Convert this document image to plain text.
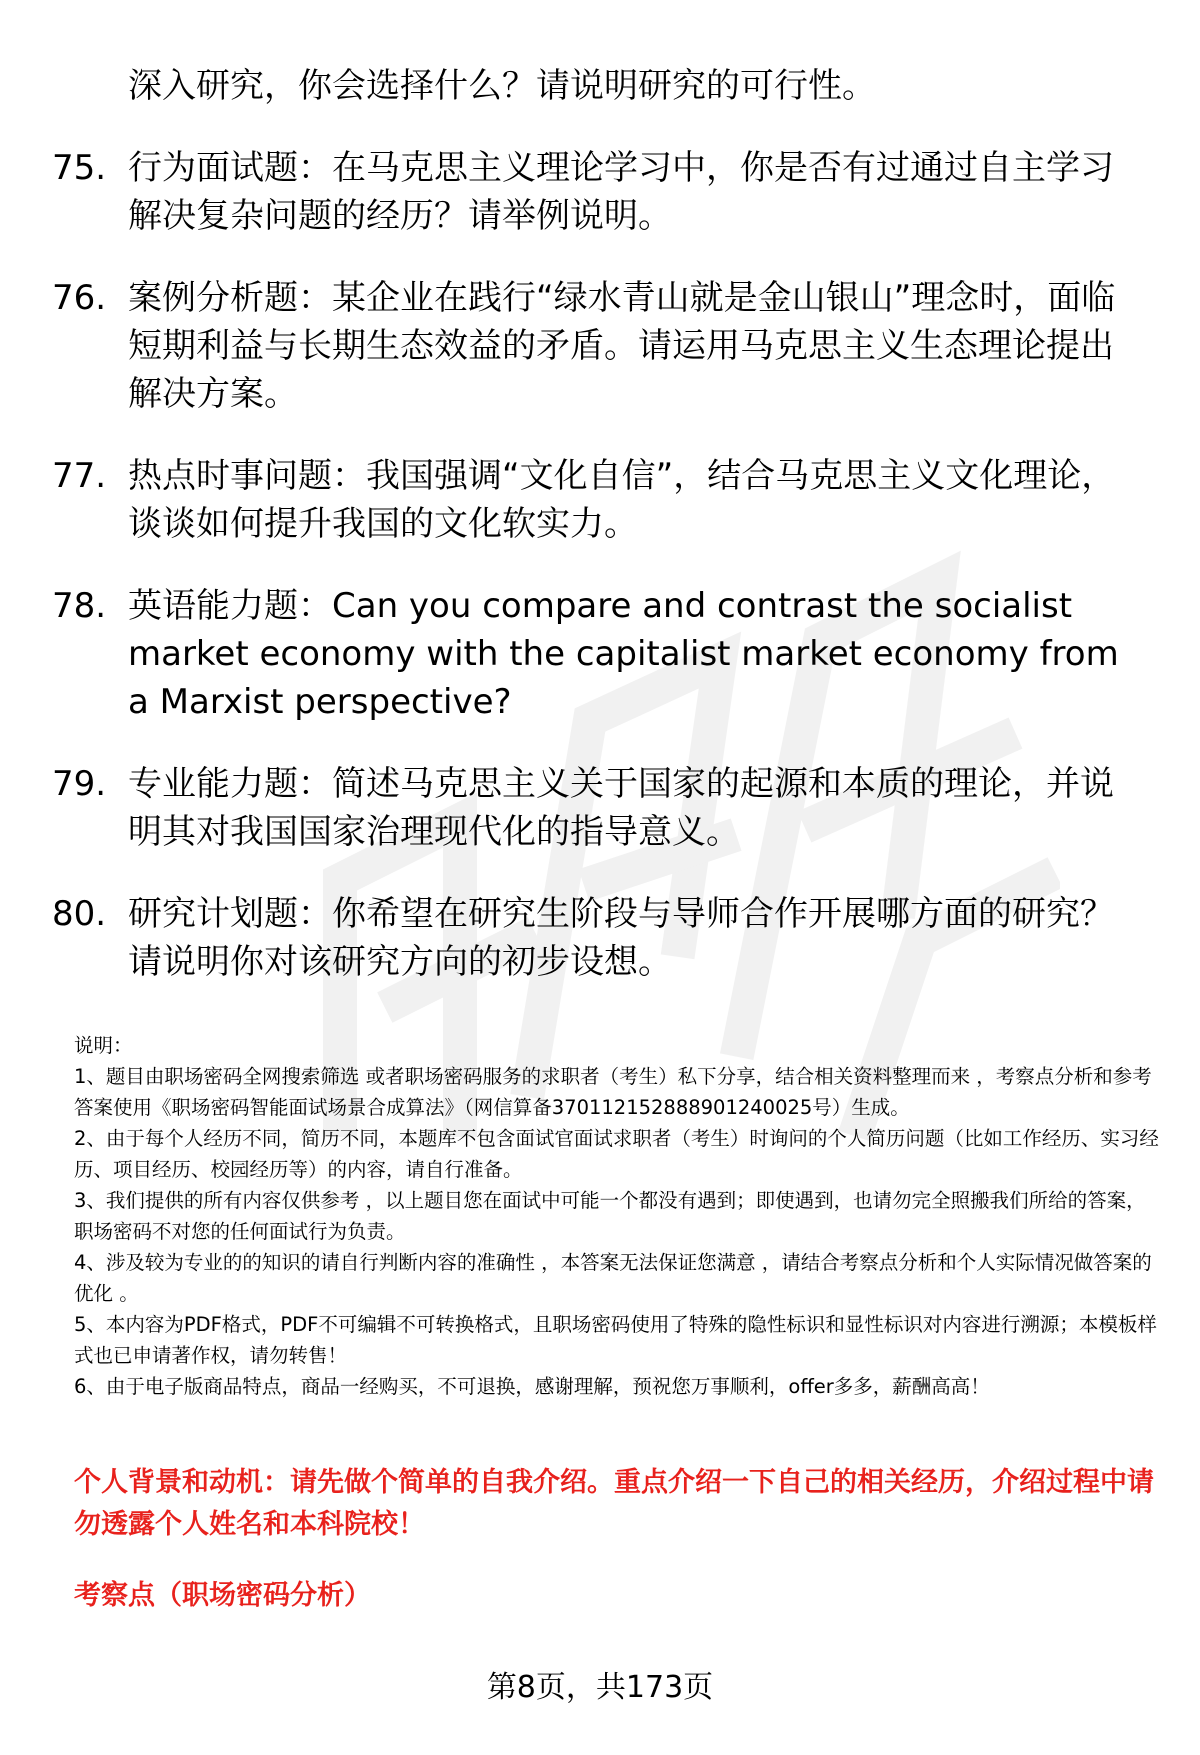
深入研究，你会选择什么？请说明研究的可行性。
75. 行为面试题：在马克思主义理论学习中，你是否有过通过自主学习解决复杂问题的经历？请举例说明。
76. 案例分析题：某企业在践行“绿水青山就是金山银山”理念时，面临短期利益与长期生态效益的矛盾。请运用马克思主义生态理论提出解决方案。
77. 热点时事问题：我国强调“文化自信”，结合马克思主义文化理论，谈谈如何提升我国的文化软实力。
78. 英语能力题：Can you compare and contrast the socialist market economy with the capitalist market economy from a Marxist perspective?
79. 专业能力题：简述马克思主义关于国家的起源和本质的理论，并说明其对我国国家治理现代化的指导意义。
80. 研究计划题：你希望在研究生阶段与导师合作开展哪方面的研究？请说明你对该研究方向的初步设想。

说明：

1、题目由职场密码全网搜索筛选 或者职场密码服务的求职者（考生）私下分享，结合相关资料整理而来 ，考察点分析和参考答案使用《职场密码智能面试场景合成算法》（网信算备370112152888901240025号）生成。

2、由于每个人经历不同，简历不同，本题库不包含面试官面试求职者（考生）时询问的个人简历问题（比如工作经历、实习经历、项目经历、校园经历等）的内容，请自行准备。

3、我们提供的所有内容仅供参考 ，以上题目您在面试中可能一个都没有遇到；即使遇到，也请勿完全照搬我们所给的答案，职场密码不对您的任何面试行为负责。

4、涉及较为专业的的知识的请自行判断内容的准确性 ，本答案无法保证您满意 ，请结合考察点分析和个人实际情况做答案的优化 。

5、本内容为PDF格式，PDF不可编辑不可转换格式，且职场密码使用了特殊的隐性标识和显性标识对内容进行溯源；本模板样式也已申请著作权，请勿转售！

6、由于电子版商品特点，商品一经购买，不可退换，感谢理解，预祝您万事顺利，offer多多，薪酬高高！

个人背景和动机：请先做个简单的自我介绍。重点介绍一下自己的相关经历，介绍过程中请勿透露个人姓名和本科院校！
考察点（职场密码分析）
第8页，共173页
